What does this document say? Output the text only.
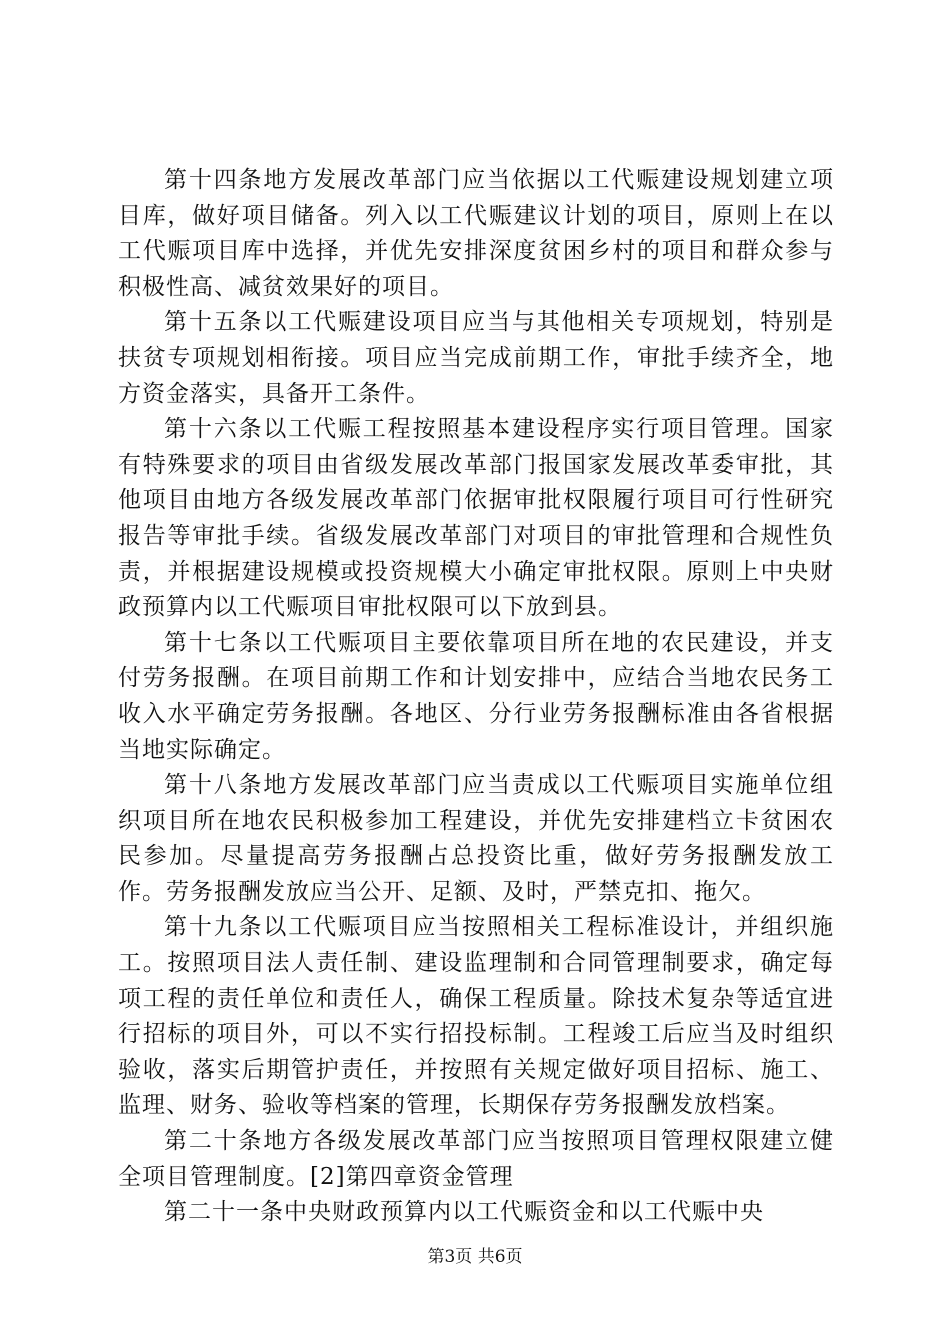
第十四条地方发展改革部门应当依据以工代赈建设规划建立项目库，做好项目储备。列入以工代赈建议计划的项目，原则上在以工代赈项目库中选择，并优先安排深度贫困乡村的项目和群众参与积极性高、减贫效果好的项目。

第十五条以工代赈建设项目应当与其他相关专项规划，特别是扶贫专项规划相衔接。项目应当完成前期工作，审批手续齐全，地方资金落实，具备开工条件。

第十六条以工代赈工程按照基本建设程序实行项目管理。国家有特殊要求的项目由省级发展改革部门报国家发展改革委审批，其他项目由地方各级发展改革部门依据审批权限履行项目可行性研究报告等审批手续。省级发展改革部门对项目的审批管理和合规性负责，并根据建设规模或投资规模大小确定审批权限。原则上中央财政预算内以工代赈项目审批权限可以下放到县。

第十七条以工代赈项目主要依靠项目所在地的农民建设，并支付劳务报酬。在项目前期工作和计划安排中，应结合当地农民务工收入水平确定劳务报酬。各地区、分行业劳务报酬标准由各省根据当地实际确定。

第十八条地方发展改革部门应当责成以工代赈项目实施单位组织项目所在地农民积极参加工程建设，并优先安排建档立卡贫困农民参加。尽量提高劳务报酬占总投资比重，做好劳务报酬发放工作。劳务报酬发放应当公开、足额、及时，严禁克扣、拖欠。

第十九条以工代赈项目应当按照相关工程标准设计，并组织施工。按照项目法人责任制、建设监理制和合同管理制要求，确定每项工程的责任单位和责任人，确保工程质量。除技术复杂等适宜进行招标的项目外，可以不实行招投标制。工程竣工后应当及时组织验收，落实后期管护责任，并按照有关规定做好项目招标、施工、监理、财务、验收等档案的管理，长期保存劳务报酬发放档案。

第二十条地方各级发展改革部门应当按照项目管理权限建立健全项目管理制度。[2]第四章资金管理

第二十一条中央财政预算内以工代赈资金和以工代赈中央

第3页 共6页
